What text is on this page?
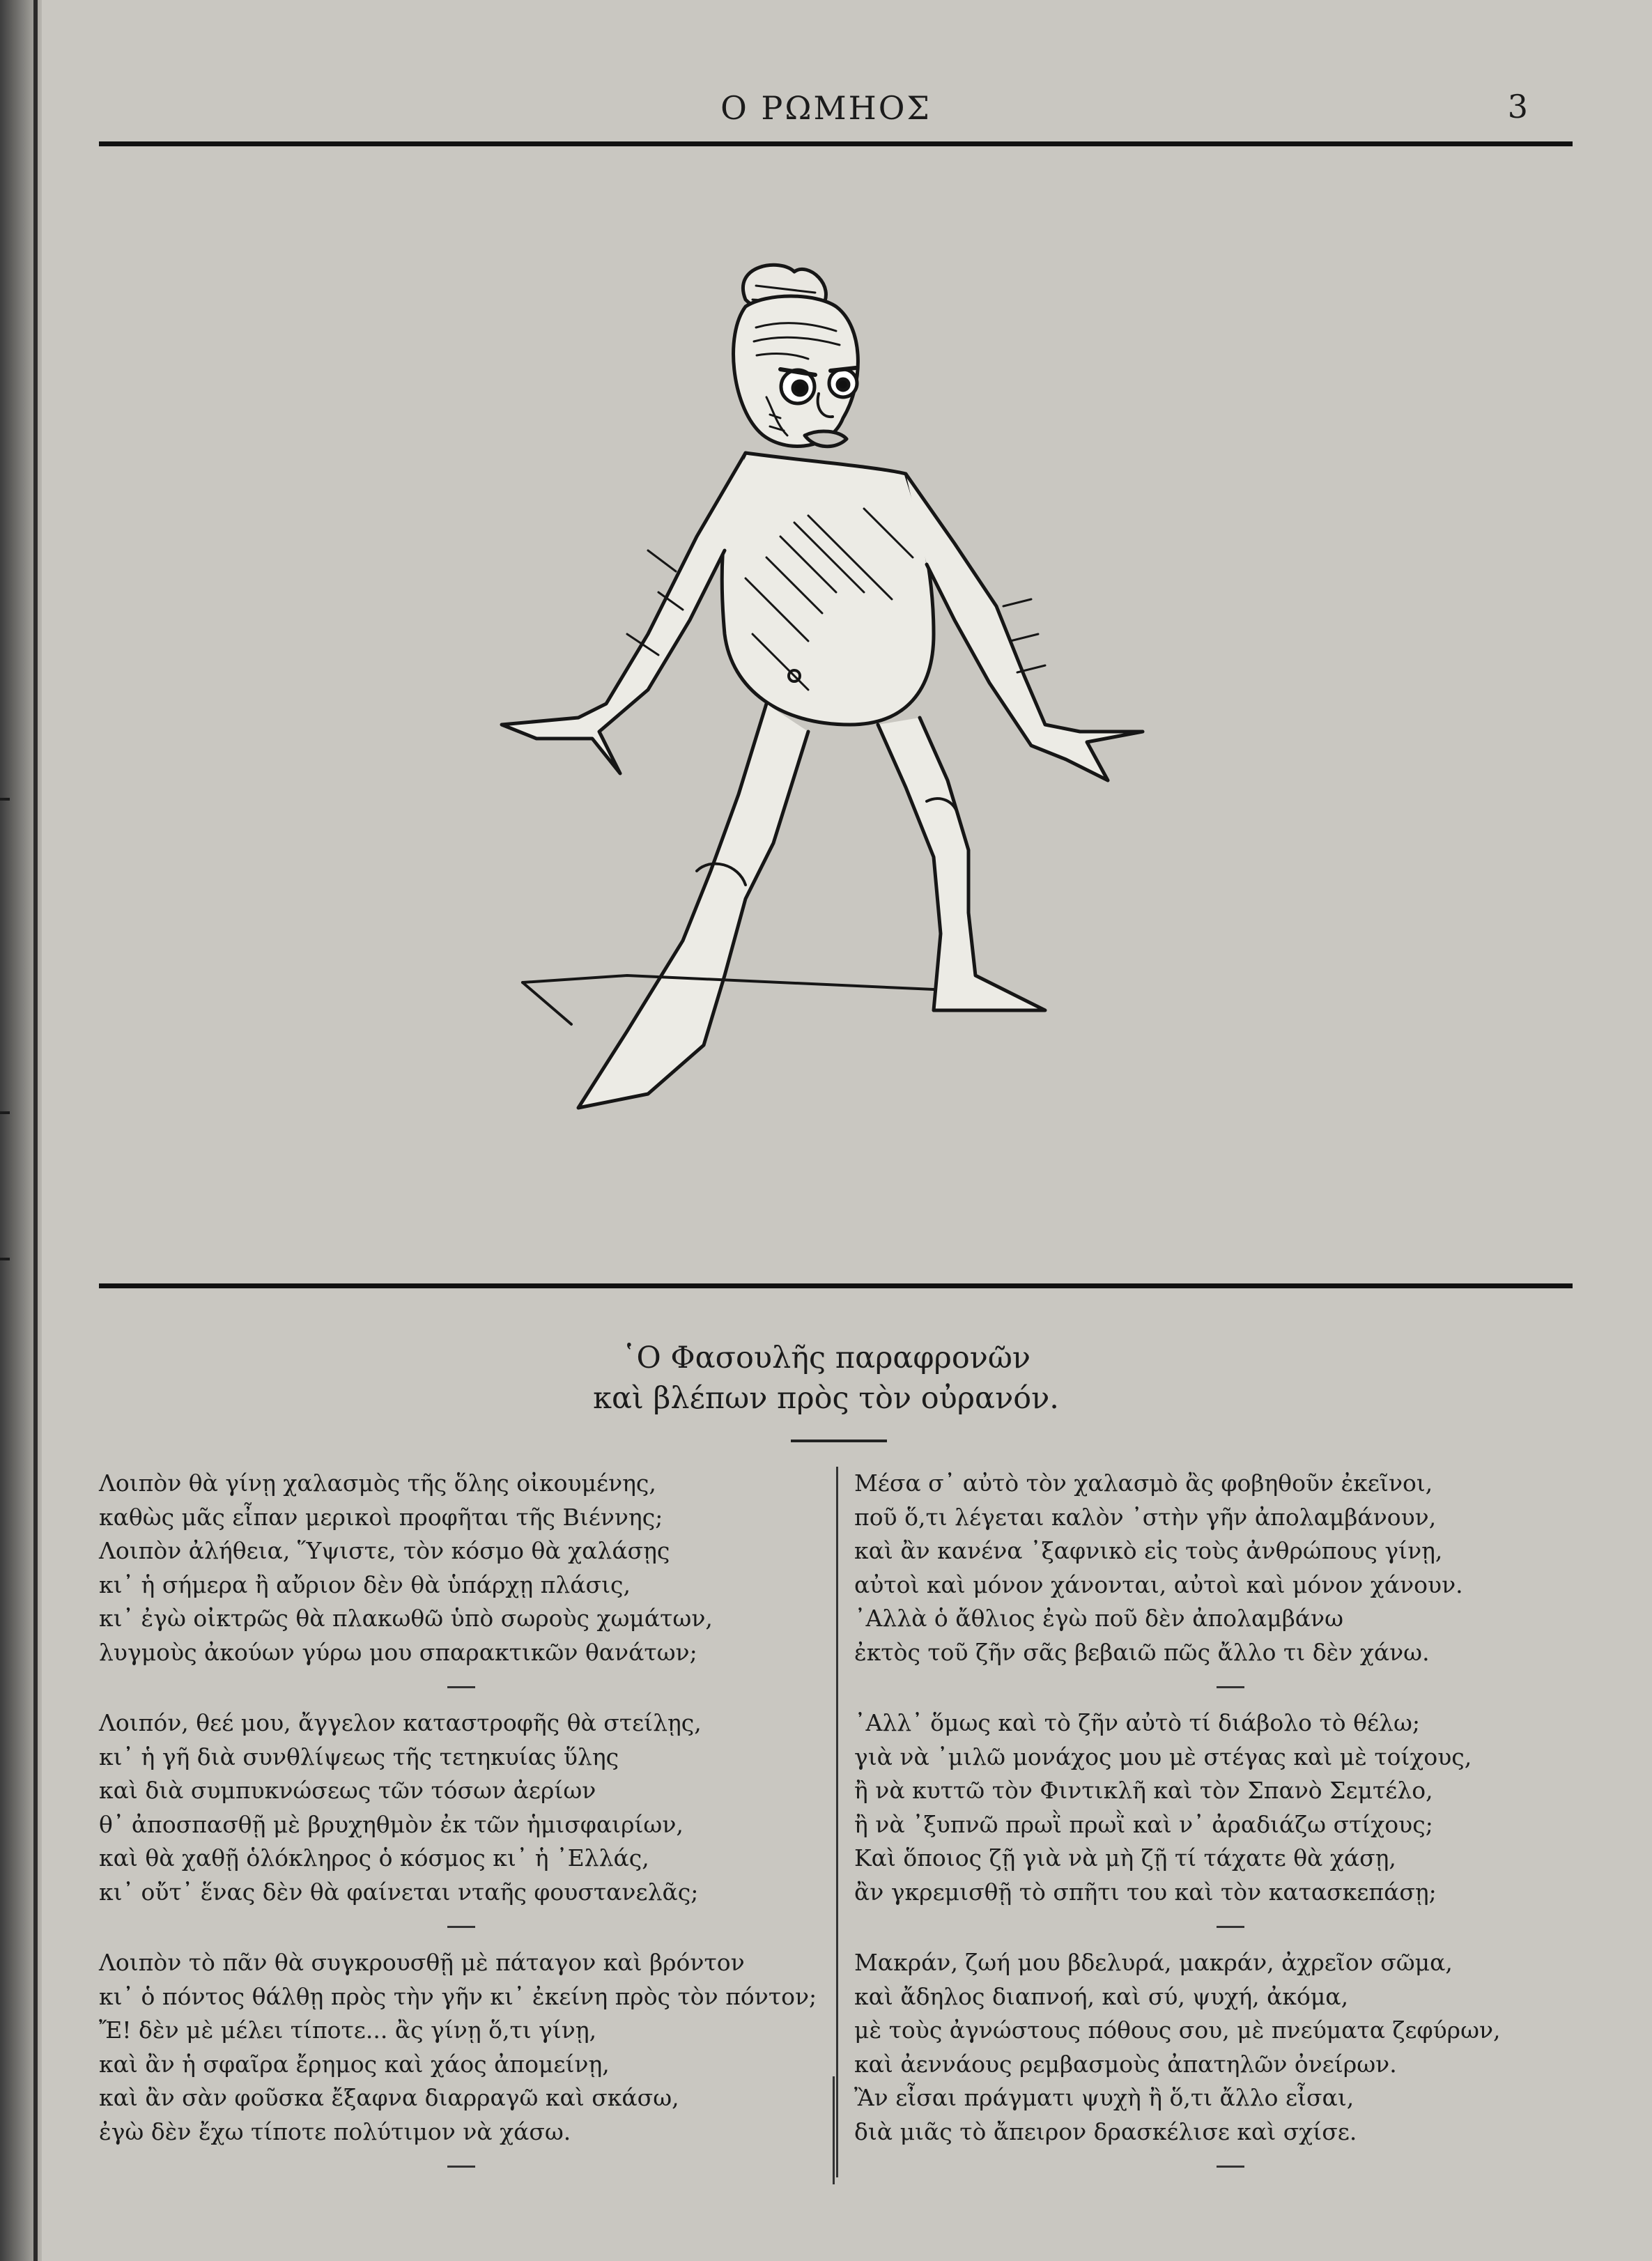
Ο ΡΩΜΗΟΣ	3
῾Ο Φασουλῆς παραφρονῶν
καὶ βλέπων πρὸς τὸν οὐρανόν.
Λοιπὸν θὰ γίνῃ χαλασμὸς τῆς ὅλης οἰκουμένης,
καθὼς μᾶς εἶπαν μερικοὶ προφῆται τῆς Βιέννης;
Λοιπὸν ἀλήθεια, Ὕψιστε, τὸν κόσμο θὰ χαλάσῃς
κι᾿ ἡ σήμερα ἢ αὔριον δὲν θὰ ὑπάρχῃ πλάσις,
κι᾿ ἐγὼ οἰκτρῶς θὰ πλακωθῶ ὑπὸ σωροὺς χωμάτων,
λυγμοὺς ἀκούων γύρω μου σπαρακτικῶν θανάτων;
Λοιπόν, θεέ μου, ἄγγελον καταστροφῆς θὰ στείλῃς,
κι᾿ ἡ γῆ διὰ συνθλίψεως τῆς τετηκυίας ὕλης
καὶ διὰ συμπυκνώσεως τῶν τόσων ἀερίων
θ᾿ ἀποσπασθῇ μὲ βρυχηθμὸν ἐκ τῶν ἡμισφαιρίων,
καὶ θὰ χαθῇ ὁλόκληρος ὁ κόσμος κι᾿ ἡ ᾿Ελλάς,
κι᾿ οὔτ᾿ ἕνας δὲν θὰ φαίνεται νταῆς φουστανελᾶς;
Λοιπὸν τὸ πᾶν θὰ συγκρουσθῇ μὲ πάταγον καὶ βρόντον
κι᾿ ὁ πόντος θάλθῃ πρὸς τὴν γῆν κι᾿ ἐκείνη πρὸς τὸν πόντον;
Ἔ! δὲν μὲ μέλει τίποτε... ἂς γίνῃ ὅ,τι γίνῃ,
καὶ ἂν ἡ σφαῖρα ἔρημος καὶ χάος ἀπομείνῃ,
καὶ ἂν σὰν φοῦσκα ἔξαφνα διαρραγῶ καὶ σκάσω,
ἐγὼ δὲν ἔχω τίποτε πολύτιμον νὰ χάσω.
Μέσα σ᾿ αὐτὸ τὸν χαλασμὸ ἂς φοβηθοῦν ἐκεῖνοι,
ποῦ ὅ,τι λέγεται καλὸν ᾿στὴν γῆν ἀπολαμβάνουν,
καὶ ἂν κανένα ᾿ξαφνικὸ εἰς τοὺς ἀνθρώπους γίνῃ,
αὐτοὶ καὶ μόνον χάνονται, αὐτοὶ καὶ μόνον χάνουν.
᾿Αλλὰ ὁ ἄθλιος ἐγὼ ποῦ δὲν ἀπολαμβάνω
ἐκτὸς τοῦ ζῆν σᾶς βεβαιῶ πῶς ἄλλο τι δὲν χάνω.
᾿Αλλ᾿ ὅμως καὶ τὸ ζῆν αὐτὸ τί διάβολο τὸ θέλω;
γιὰ νὰ ᾿μιλῶ μονάχος μου μὲ στέγας καὶ μὲ τοίχους,
ἢ νὰ κυττῶ τὸν Φιντικλῆ καὶ τὸν Σπανὸ Σεμτέλο,
ἢ νὰ ᾿ξυπνῶ πρωῒ πρωῒ καὶ ν᾿ ἀραδιάζω στίχους;
Καὶ ὅποιος ζῇ γιὰ νὰ μὴ ζῇ τί τάχατε θὰ χάσῃ,
ἂν γκρεμισθῇ τὸ σπῆτι του καὶ τὸν κατασκεπάσῃ;
Μακράν, ζωή μου βδελυρά, μακράν, ἀχρεῖον σῶμα,
καὶ ἄδηλος διαπνοή, καὶ σύ, ψυχή, ἀκόμα,
μὲ τοὺς ἀγνώστους πόθους σου, μὲ πνεύματα ζεφύρων,
καὶ ἀεννάους ρεμβασμοὺς ἀπατηλῶν ὀνείρων.
Ἂν εἶσαι πράγματι ψυχὴ ἢ ὅ,τι ἄλλο εἶσαι,
διὰ μιᾶς τὸ ἄπειρον δρασκέλισε καὶ σχίσε.
